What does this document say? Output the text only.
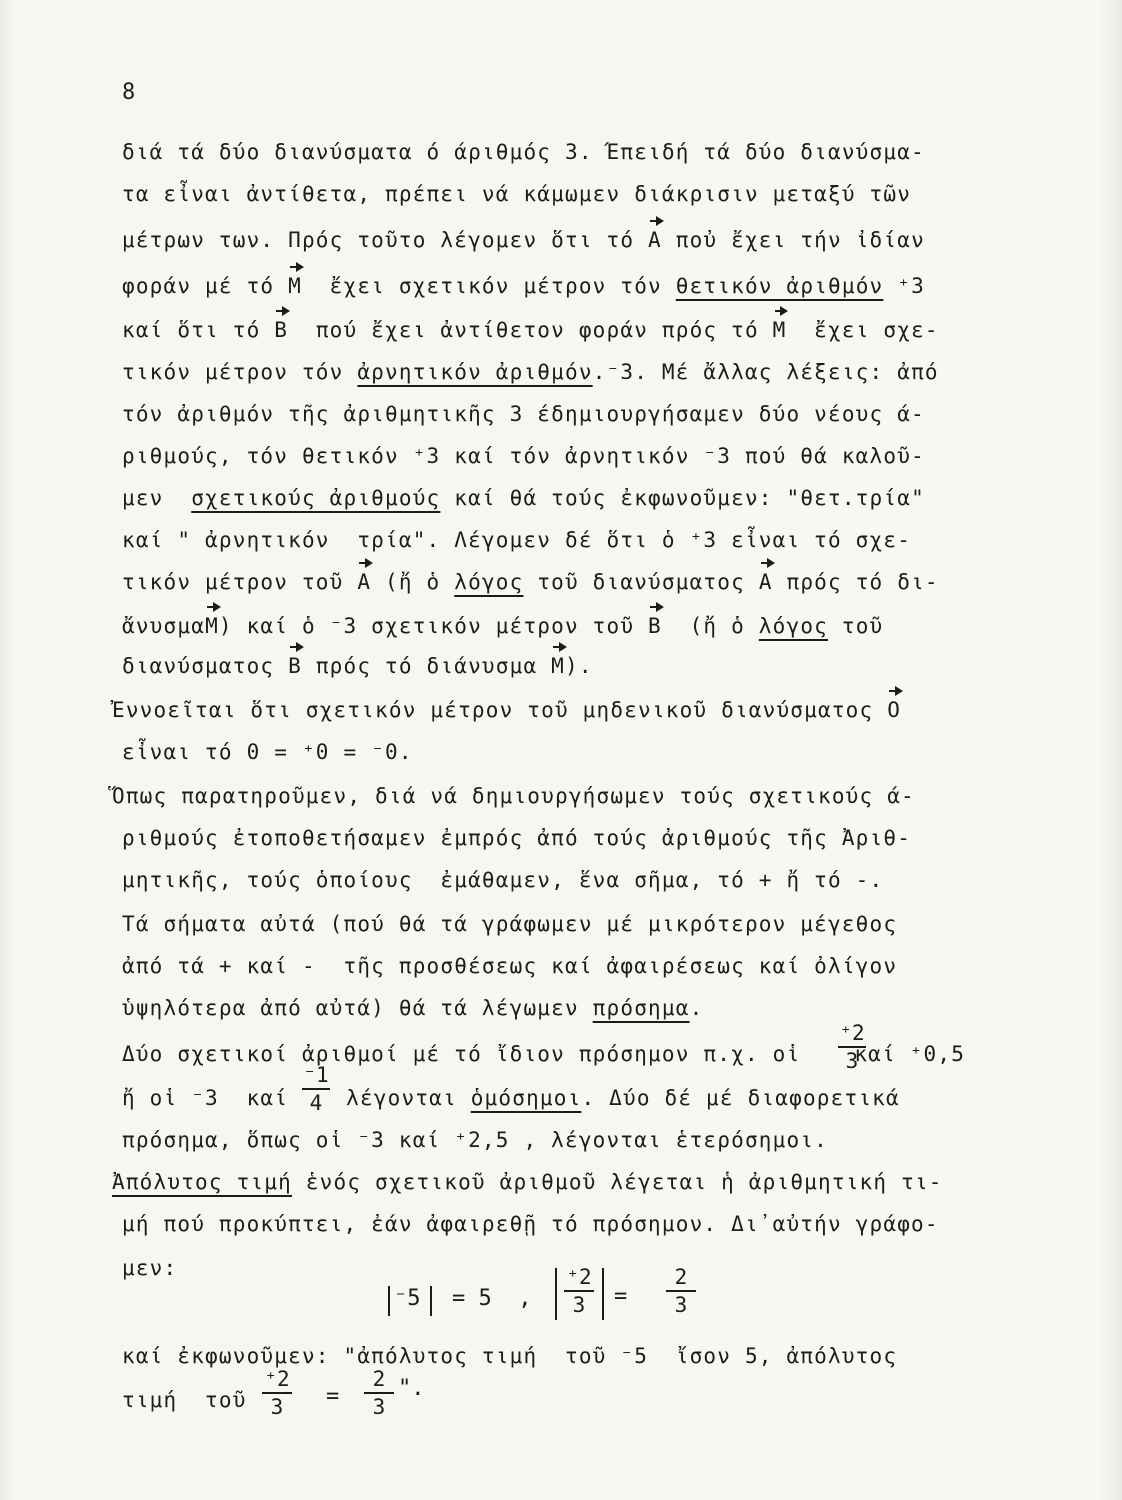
8
διά τά δύο διανύσματα ό άριθμός 3. Έπειδή τά δύο διανύσμα-
τα εἶναι ἀντίθετα, πρέπει νά κάμωμεν διάκρισιν μεταξύ τῶν
μέτρων των. Πρός τοῦτο λέγομεν ὅτι τό A ποὐ ἔχει τήν ἰδίαν
φοράν μέ τό M ἔχει σχετικόν μέτρον τόν θετικόν ἀριθμόν ⁺3
καί ὅτι τό B πού ἔχει ἀντίθετον φοράν πρός τό M ἔχει σχε-
τικόν μέτρον τόν ἀρνητικόν ἀριθμόν.⁻3. Μέ ἄλλας λέξεις: ἀπό
τόν ἀριθμόν τῆς ἀριθμητικῆς 3 έδημιουργήσαμεν δύο νέους ά-
ριθμούς, τόν θετικόν ⁺3 καί τόν ἀρνητικόν ⁻3 πού θά καλοῦ-
μεν σχετικούς ἀριθμούς καί θά τούς ἐκφωνοῦμεν: "θετ.τρία"
καί " ἀρνητικόν  τρία". Λέγομεν δέ ὅτι ὁ ⁺3 εἶναι τό σχε-
τικόν μέτρον τοῦ A (ἤ ὁ λόγος τοῦ διανύσματος A πρός τό δι-
ἄνυσμαM) καί ὁ ⁻3 σχετικόν μέτρον τοῦ B (ἤ ὁ λόγος τοῦ
διανύσματος B πρός τό διάνυσμα M).
Ἐννοεῖται ὅτι σχετικόν μέτρον τοῦ μηδενικοῦ διανύσματος O
εἶναι τό 0 = ⁺0 = ⁻0.
Ὅπως παρατηροῦμεν, διά νά δημιουργήσωμεν τούς σχετικούς ά-
ριθμούς ἐτοποθετήσαμεν ἐμπρός ἀπό τούς ἀριθμούς τῆς Ἀριθ-
μητικῆς, τούς ὁποίους  ἐμάθαμεν, ἕνα σῆμα, τό + ἤ τό -.
Τά σήματα αὐτά (πού θά τά γράφωμεν μέ μικρότερον μέγεθος
ἀπό τά + καί -  τῆς προσθέσεως καί ἀφαιρέσεως καί ὀλίγον
ὑψηλότερα ἀπό αὐτά) θά τά λέγωμεν πρόσημα.
Δύο σχετικοί ἀριθμοί μέ τό ἴδιον πρόσημον π.χ. οἱ	καί ⁺0,5
⁺2
3
ἤ οἱ ⁻3  καί	λέγονται ὁμόσημοι. Δύο δέ μέ διαφορετικά
⁻1
4
πρόσημα, ὅπως οἱ ⁻3 καί ⁺2,5 , λέγονται ἑτερόσημοι.
Ἀπόλυτος τιμή ἑνός σχετικοῦ ἀριθμοῦ λέγεται ἡ ἀριθμητική τι-
μή πού προκύπτει, ἐάν ἀφαιρεθῇ τό πρόσημον. Δι᾽αὐτήν γράφο-
μεν:
⁻5 = 5  ,
⁺2
3 =
2
3
καί ἐκφωνοῦμεν: "ἀπόλυτος τιμή  τοῦ ⁻5  ἴσον 5, ἀπόλυτος
τιμή  τοῦ
⁺2
3 =
2
3
".
